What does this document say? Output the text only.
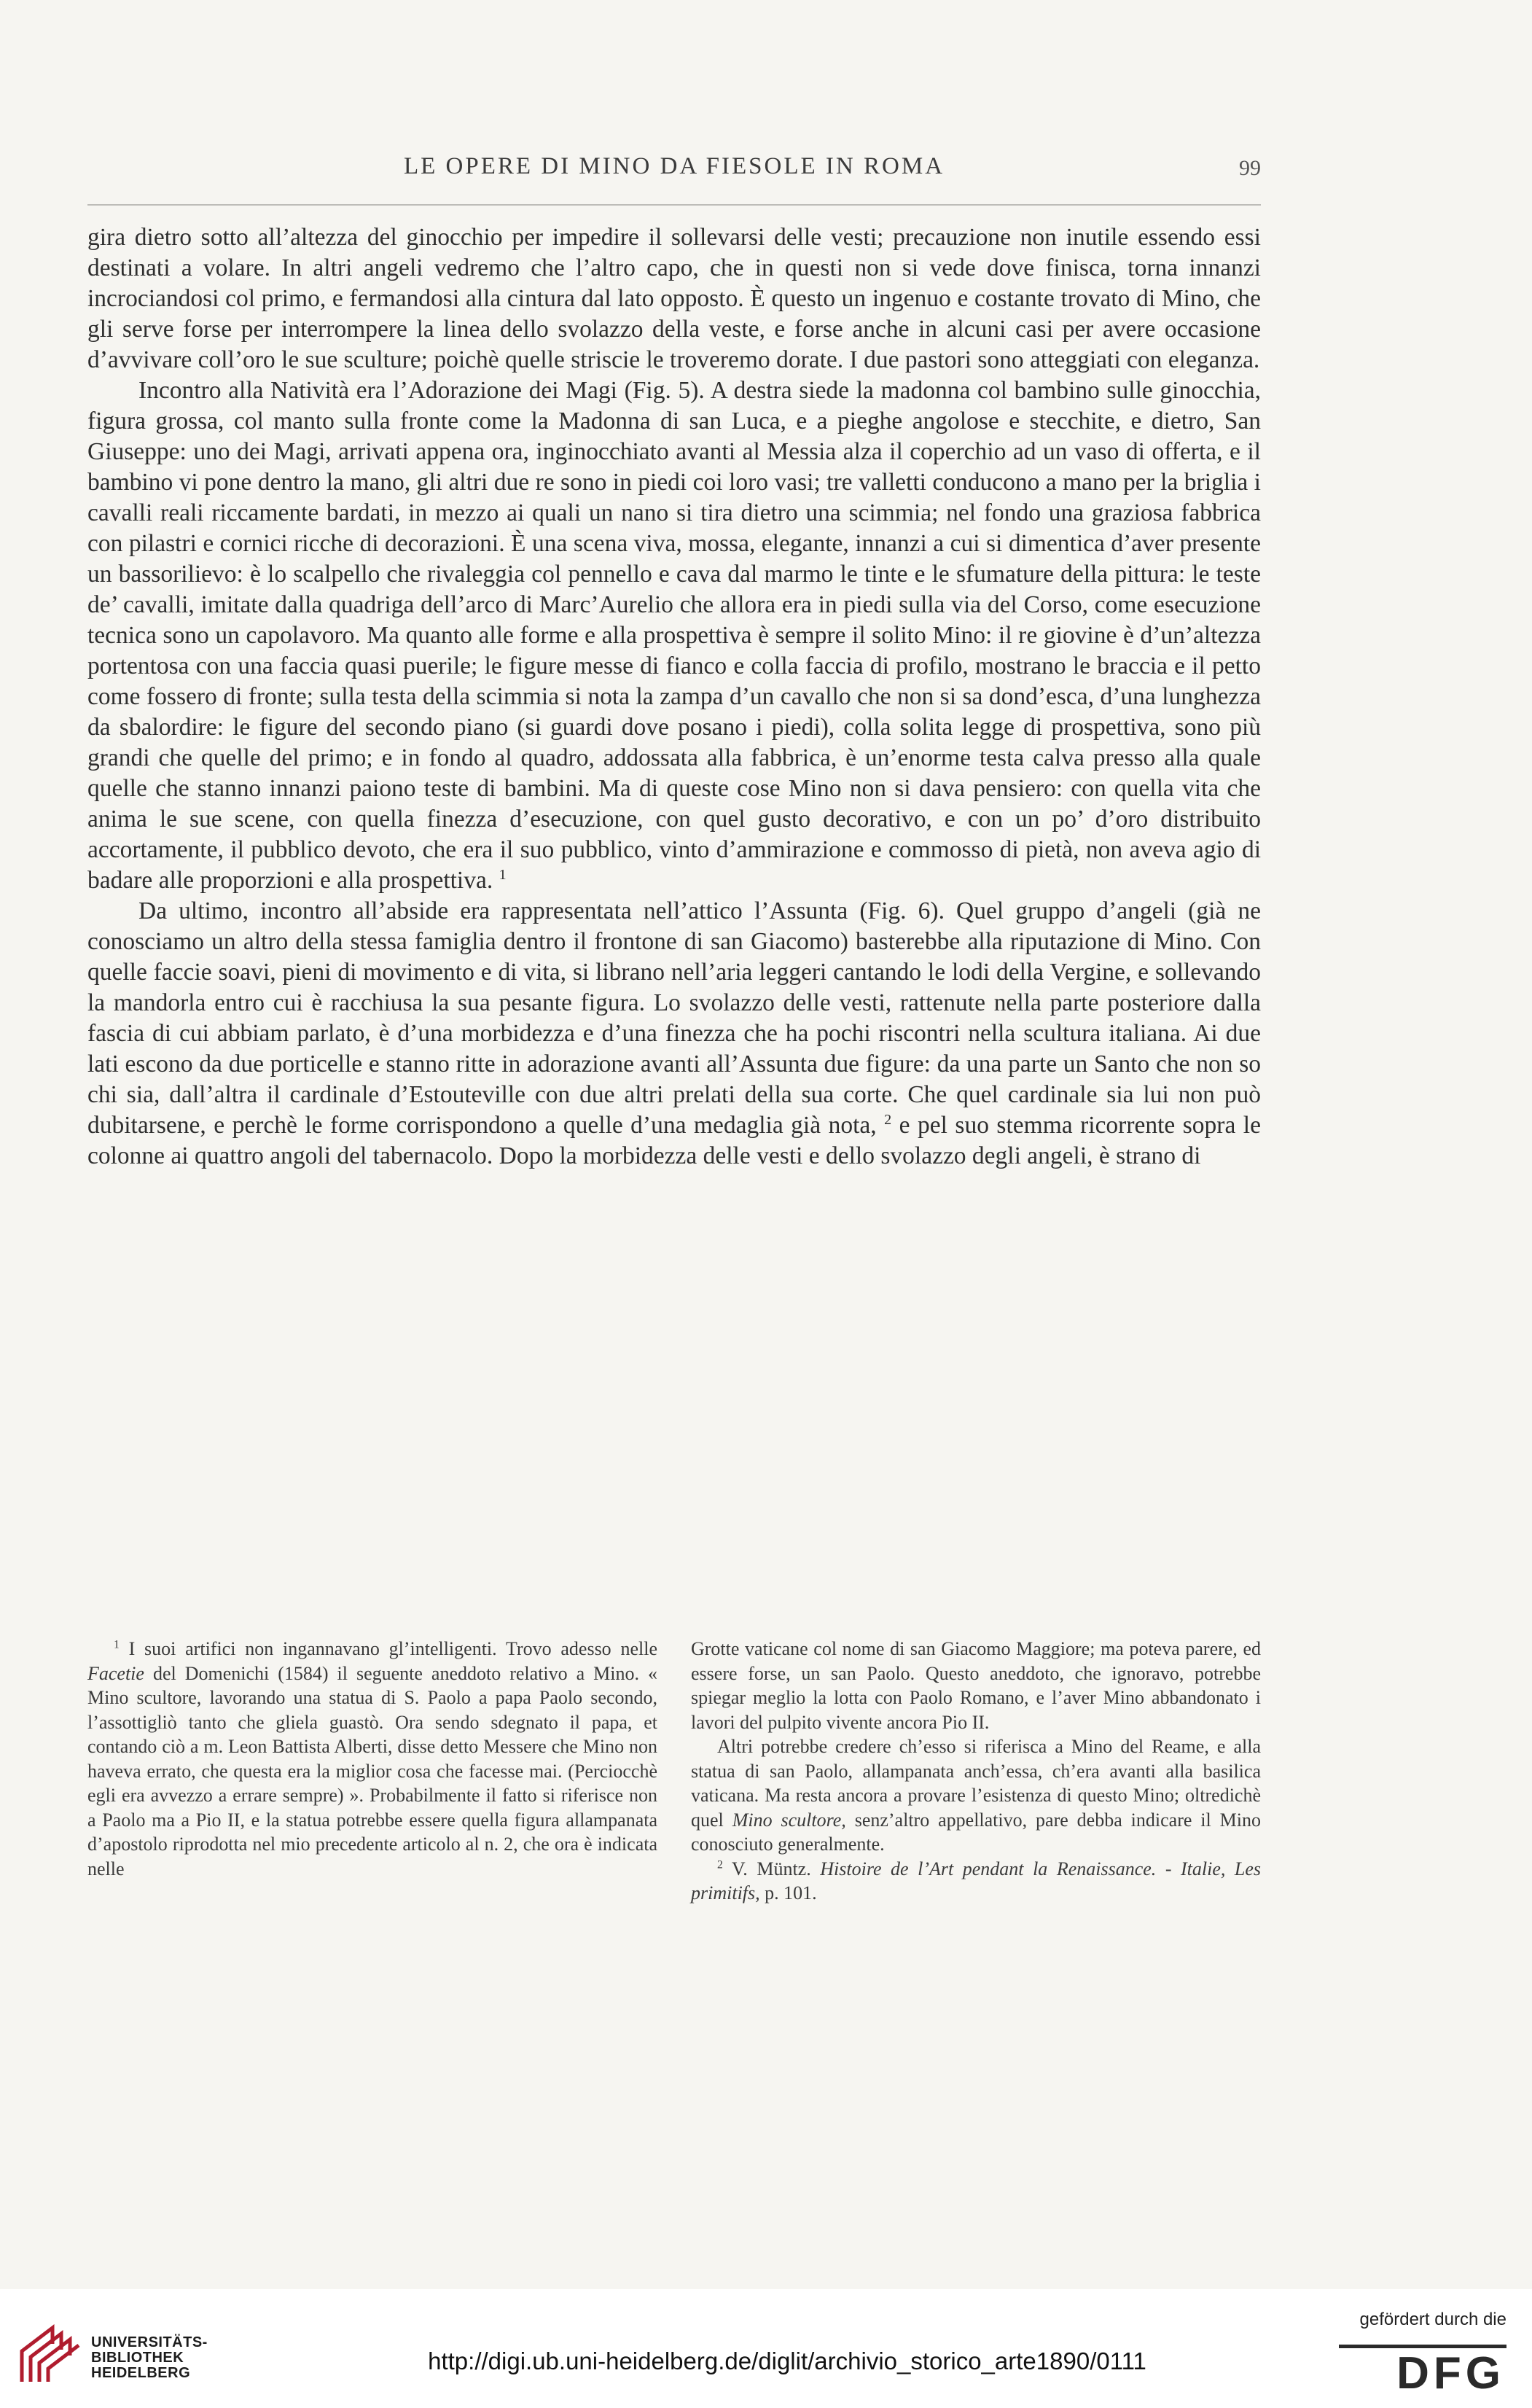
LE OPERE DI MINO DA FIESOLE IN ROMA	99

gira dietro sotto all’altezza del ginocchio per impedire il sollevarsi delle vesti; precauzione non inutile essendo essi destinati a volare. In altri angeli vedremo che l’altro capo, che in questi non si vede dove finisca, torna innanzi incrociandosi col primo, e fermandosi alla cintura dal lato opposto. È questo un ingenuo e costante trovato di Mino, che gli serve forse per interrompere la linea dello svolazzo della veste, e forse anche in alcuni casi per avere occasione d’avvivare coll’oro le sue sculture; poichè quelle striscie le troveremo dorate. I due pastori sono atteggiati con eleganza.

Incontro alla Natività era l’Adorazione dei Magi (Fig. 5). A destra siede la madonna col bambino sulle ginocchia, figura grossa, col manto sulla fronte come la Madonna di san Luca, e a pieghe angolose e stecchite, e dietro, San Giuseppe: uno dei Magi, arrivati appena ora, inginocchiato avanti al Messia alza il coperchio ad un vaso di offerta, e il bambino vi pone dentro la mano, gli altri due re sono in piedi coi loro vasi; tre valletti conducono a mano per la briglia i cavalli reali riccamente bardati, in mezzo ai quali un nano si tira dietro una scimmia; nel fondo una graziosa fabbrica con pilastri e cornici ricche di decorazioni. È una scena viva, mossa, elegante, innanzi a cui si dimentica d’aver presente un bassorilievo: è lo scalpello che rivaleggia col pennello e cava dal marmo le tinte e le sfumature della pittura: le teste de’ cavalli, imitate dalla quadriga dell’arco di Marc’Aurelio che allora era in piedi sulla via del Corso, come esecuzione tecnica sono un capolavoro. Ma quanto alle forme e alla prospettiva è sempre il solito Mino: il re giovine è d’un’altezza portentosa con una faccia quasi puerile; le figure messe di fianco e colla faccia di profilo, mostrano le braccia e il petto come fossero di fronte; sulla testa della scimmia si nota la zampa d’un cavallo che non si sa dond’esca, d’una lunghezza da sbalordire: le figure del secondo piano (si guardi dove posano i piedi), colla solita legge di prospettiva, sono più grandi che quelle del primo; e in fondo al quadro, addossata alla fabbrica, è un’enorme testa calva presso alla quale quelle che stanno innanzi paiono teste di bambini. Ma di queste cose Mino non si dava pensiero: con quella vita che anima le sue scene, con quella finezza d’esecuzione, con quel gusto decorativo, e con un po’ d’oro distribuito accortamente, il pubblico devoto, che era il suo pubblico, vinto d’ammirazione e commosso di pietà, non aveva agio di badare alle proporzioni e alla prospettiva. $^1$

Da ultimo, incontro all’abside era rappresentata nell’attico l’Assunta (Fig. 6). Quel gruppo d’angeli (già ne conosciamo un altro della stessa famiglia dentro il frontone di san Giacomo) basterebbe alla riputazione di Mino. Con quelle faccie soavi, pieni di movimento e di vita, si librano nell’aria leggeri cantando le lodi della Vergine, e sollevando la mandorla entro cui è racchiusa la sua pesante figura. Lo svolazzo delle vesti, rattenute nella parte posteriore dalla fascia di cui abbiam parlato, è d’una morbidezza e d’una finezza che ha pochi riscontri nella scultura italiana. Ai due lati escono da due porticelle e stanno ritte in adorazione avanti all’Assunta due figure: da una parte un Santo che non so chi sia, dall’altra il cardinale d’Estouteville con due altri prelati della sua corte. Che quel cardinale sia lui non può dubitarsene, e perchè le forme corrispondono a quelle d’una medaglia già nota, $^2$ e pel suo stemma ricorrente sopra le colonne ai quattro angoli del tabernacolo. Dopo la morbidezza delle vesti e dello svolazzo degli angeli, è strano di

$^1$ I suoi artifici non ingannavano gl’intelligenti. Trovo adesso nelle Facetie del Domenichi (1584) il seguente aneddoto relativo a Mino. « Mino scultore, lavorando una statua di S. Paolo a papa Paolo secondo, l’assottigliò tanto che gliela guastò. Ora sendo sdegnato il papa, et contando ciò a m. Leon Battista Alberti, disse detto Messere che Mino non haveva errato, che questa era la miglior cosa che facesse mai. (Perciocchè egli era avvezzo a errare sempre) ». Probabilmente il fatto si riferisce non a Paolo ma a Pio II, e la statua potrebbe essere quella figura allampanata d’apostolo riprodotta nel mio precedente articolo al n. 2, che ora è indicata nelle

Grotte vaticane col nome di san Giacomo Maggiore; ma poteva parere, ed essere forse, un san Paolo. Questo aneddoto, che ignoravo, potrebbe spiegar meglio la lotta con Paolo Romano, e l’aver Mino abbandonato i lavori del pulpito vivente ancora Pio II.

Altri potrebbe credere ch’esso si riferisca a Mino del Reame, e alla statua di san Paolo, allampanata anch’essa, ch’era avanti alla basilica vaticana. Ma resta ancora a provare l’esistenza di questo Mino; oltredichè quel Mino scultore, senz’altro appellativo, pare debba indicare il Mino conosciuto generalmente.

$^2$ V. Müntz. Histoire de l’Art pendant la Renaissance. - Italie, Les primitifs, p. 101.

UNIVERSITÄTS-
BIBLIOTHEK
HEIDELBERG	http://digi.ub.uni-heidelberg.de/diglit/archivio_storico_arte1890/0111
gefördert durch die
DFG
